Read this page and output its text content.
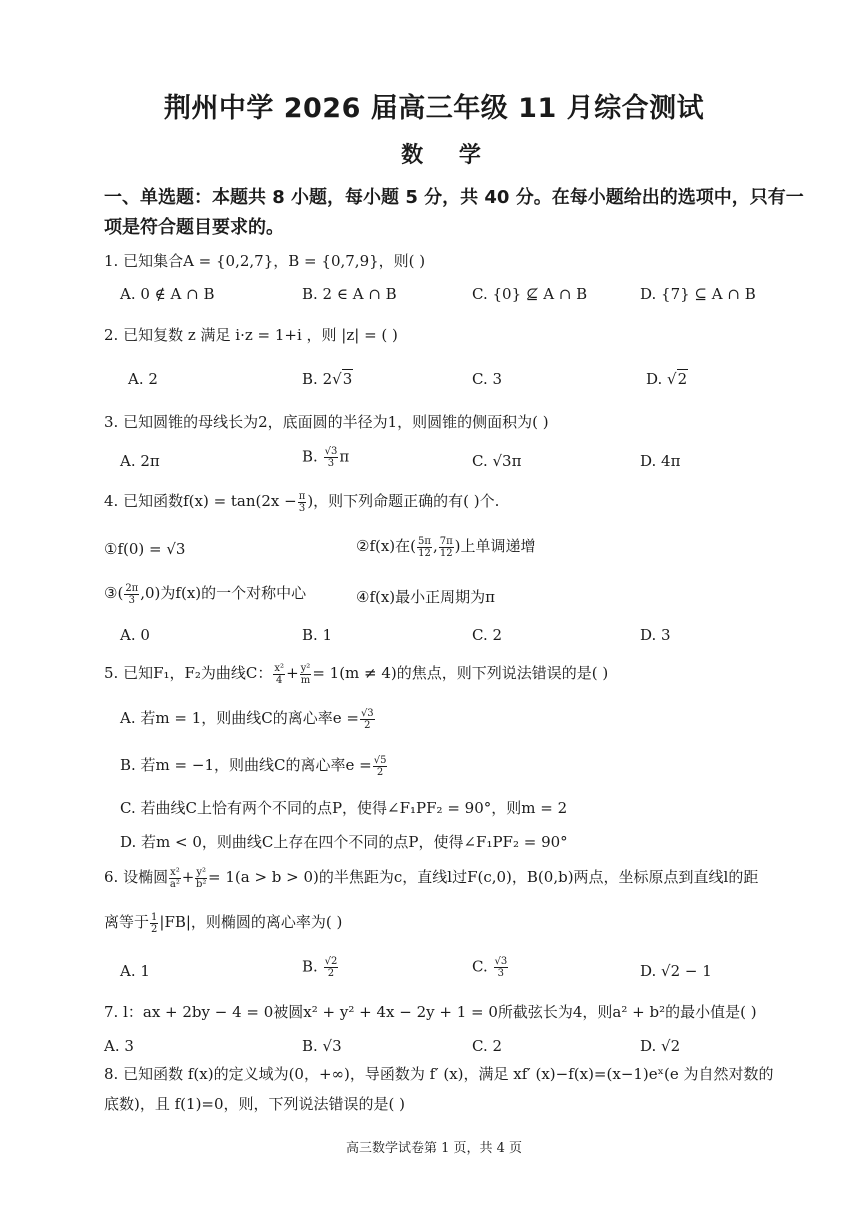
荆州中学 2026 届高三年级 11 月综合测试
数 学
一、单选题：本题共 8 小题，每小题 5 分，共 40 分。在每小题给出的选项中，只有一
项是符合题目要求的。
1. 已知集合A = {0,2,7}，B = {0,7,9}，则( )
A. 0 ∉ A ∩ B	B. 2 ∈ A ∩ B	C. {0} ⊈ A ∩ B	D. {7} ⊆ A ∩ B
2. 已知复数 z 满足 i·z = 1+i ，则 |z| = ( )
A. 2	B. 2√3	C. 3	D. √2
3. 已知圆锥的母线长为2，底面圆的半径为1，则圆锥的侧面积为( )
A. 2π	B. $\frac{√3}{3}$ π	C. √3π	D. 4π
4. 已知函数$f(x) = \tan(2x - \frac{\pi}{3}$ )，则下列命题正确的有( )个.
①f(0) = √3	②f(x)在( $\frac{5\pi}{12}$ , $\frac{7\pi}{12}$ )上单调递增
③( $\frac{2\pi}{3} ,0$)为f(x)的一个对称中心	④f(x)最小正周期为π
A. 0	B. 1	C. 2	D. 3
5. 已知F₁，F₂为曲线C： $\frac{\text{x²}}{4} + \frac{\text{y²}}{m} = 1(m \ne 4)$的焦点，则下列说法错误的是( )
A. 若m = 1，则曲线C的离心率$e = \frac{√3}{2}$
B. 若m = −1，则曲线C的离心率$e = \frac{√5}{2}$
C. 若曲线C上恰有两个不同的点P，使得∠F₁PF₂ = 90°，则m = 2
D. 若m < 0，则曲线C上存在四个不同的点P，使得∠F₁PF₂ = 90°
6. 设椭圆 $\frac{\text{x²}}{\text{a²}} + \frac{\text{y²}}{\text{b²}} = 1(a > b > 0)$的半焦距为c，直线l过F(c,0)，B(0,b)两点，坐标原点到直线l的距
离等于 $\frac{1}{2} |FB|$，则椭圆的离心率为( )
A. 1	B. $\frac{√2}{2}$	C. $\frac{√3}{3}$	D. √2 − 1
7. l：ax + 2by − 4 = 0被圆x² + y² + 4x − 2y + 1 = 0所截弦长为4，则a² + b²的最小值是( )
A. 3	B. √3	C. 2	D. √2
8. 已知函数 f(x)的定义域为(0，+∞)，导函数为 f′ (x)，满足 xf′ (x)−f(x)=(x−1)eˣ(e 为自然对数的
底数)，且 f(1)=0，则，下列说法错误的是( )
高三数学试卷第 1 页，共 4 页
